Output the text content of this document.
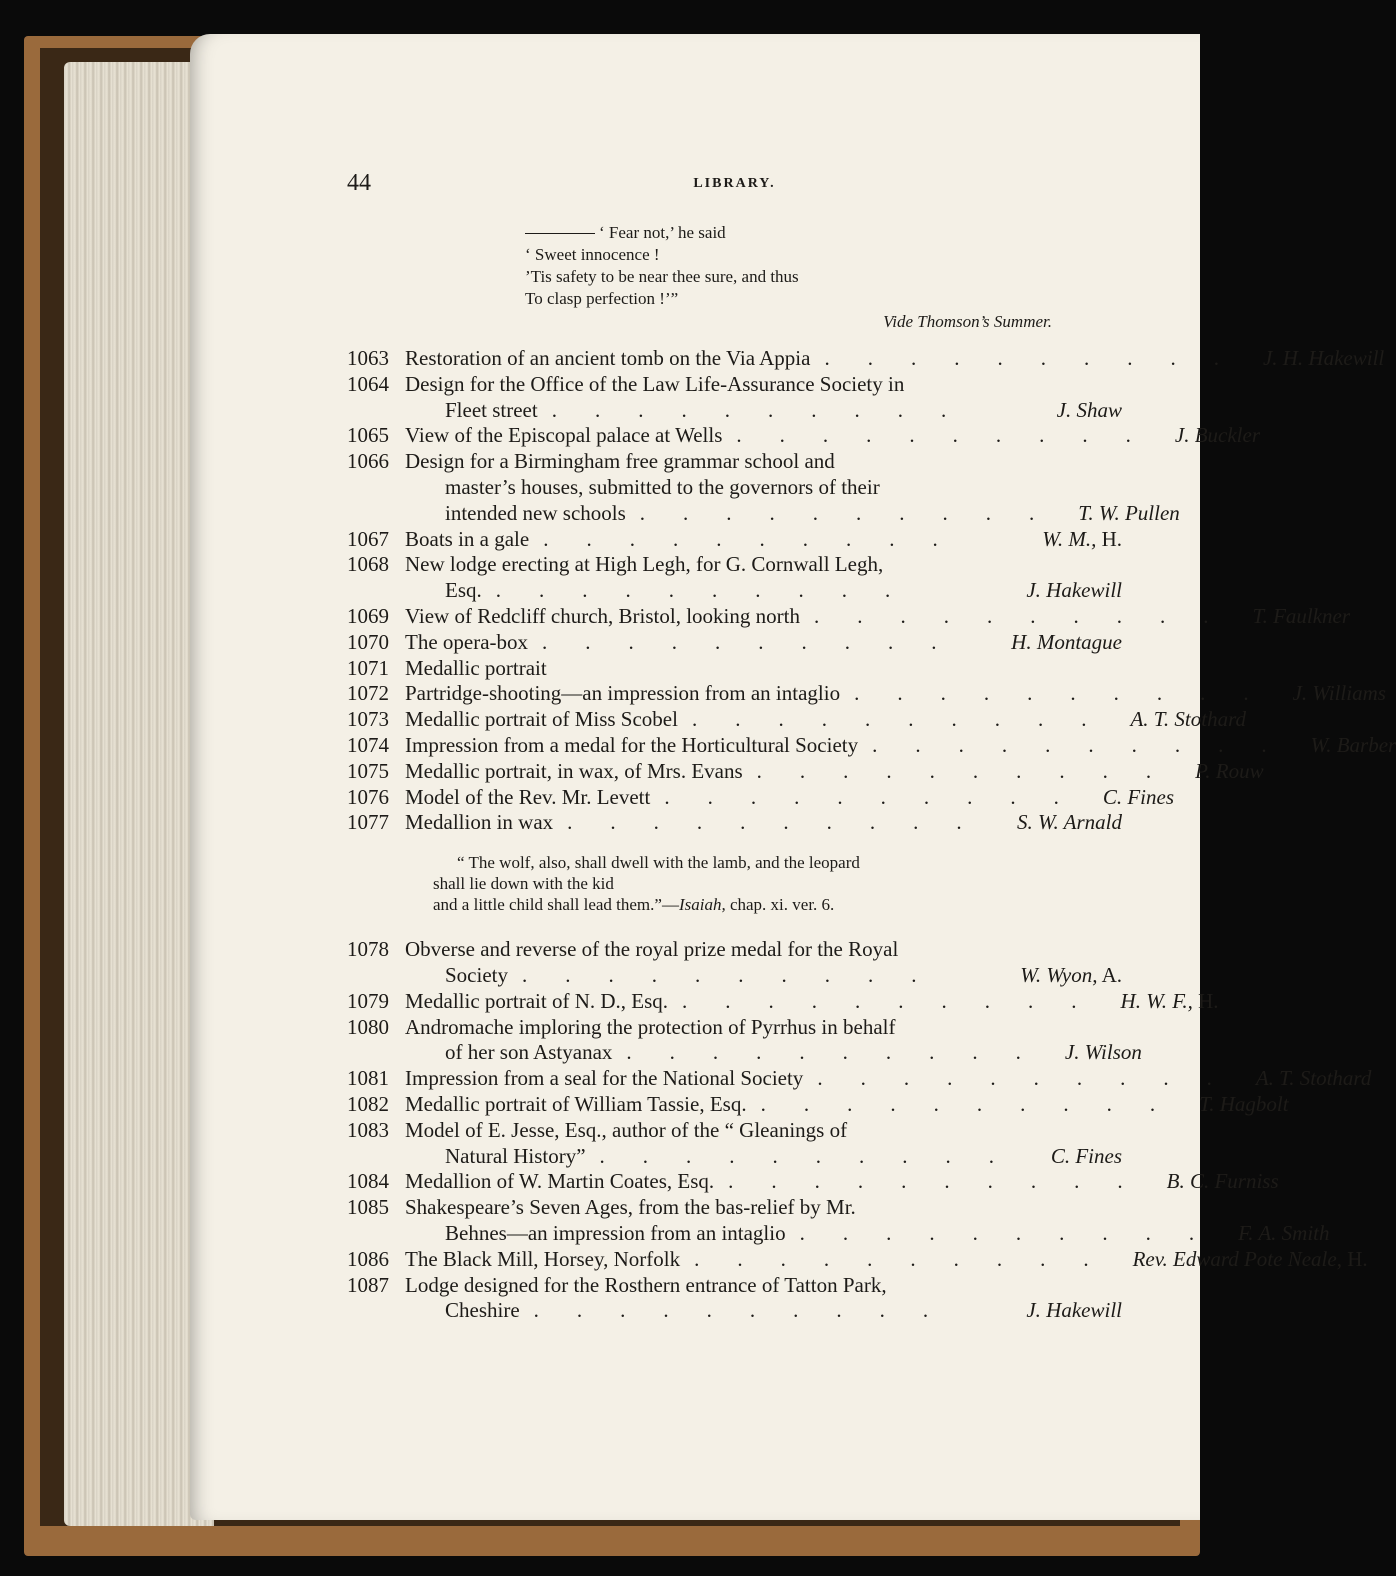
44	LIBRARY.
‘ Fear not,’ he said
‘ Sweet innocence !
’Tis safety to be near thee sure, and thus
To clasp perfection !’”
Vide Thomson’s Summer.
1063 Restoration of an ancient tomb on the Via Appia .......... J. H. Hakewill
1064 Design for the Office of the Law Life-Assurance Society in
Fleet street ..........	J. Shaw
1065 View of the Episcopal palace at Wells .......... J. Buckler
1066 Design for a Birmingham free grammar school and
master’s houses, submitted to the governors of their
intended new schools .......... T. W. Pullen
1067 Boats in a gale ..........	W. M., H.
1068 New lodge erecting at High Legh, for G. Cornwall Legh,
Esq. ..........	J. Hakewill
1069 View of Redcliff church, Bristol, looking north .......... T. Faulkner
1070 The opera-box ..........	H. Montague
1071 Medallic portrait
1072 Partridge-shooting—an impression from an intaglio .......... J. Williams
1073 Medallic portrait of Miss Scobel .......... A. T. Stothard
1074 Impression from a medal for the Horticultural Society .......... W. Barber
1075 Medallic portrait, in wax, of Mrs. Evans .......... P. Rouw
1076 Model of the Rev. Mr. Levett .......... C. Fines
1077 Medallion in wax .......... S. W. Arnald
“ The wolf, also, shall dwell with the lamb, and the leopard
shall lie down with the kid
and a little child shall lead them.”—Isaiah, chap. xi. ver. 6.
1078 Obverse and reverse of the royal prize medal for the Royal
Society ..........	W. Wyon, A.
1079 Medallic portrait of N. D., Esq. .......... H. W. F., H.
1080 Andromache imploring the protection of Pyrrhus in behalf
of her son Astyanax .......... J. Wilson
1081 Impression from a seal for the National Society .......... A. T. Stothard
1082 Medallic portrait of William Tassie, Esq. .......... T. Hagbolt
1083 Model of E. Jesse, Esq., author of the “ Gleanings of
Natural History” .......... C. Fines
1084 Medallion of W. Martin Coates, Esq. .......... B. C. Furniss
1085 Shakespeare’s Seven Ages, from the bas-relief by Mr.
Behnes—an impression from an intaglio .......... F. A. Smith
1086 The Black Mill, Horsey, Norfolk .......... Rev. Edward Pote Neale, H.
1087 Lodge designed for the Rosthern entrance of Tatton Park,
Cheshire ..........	J. Hakewill
